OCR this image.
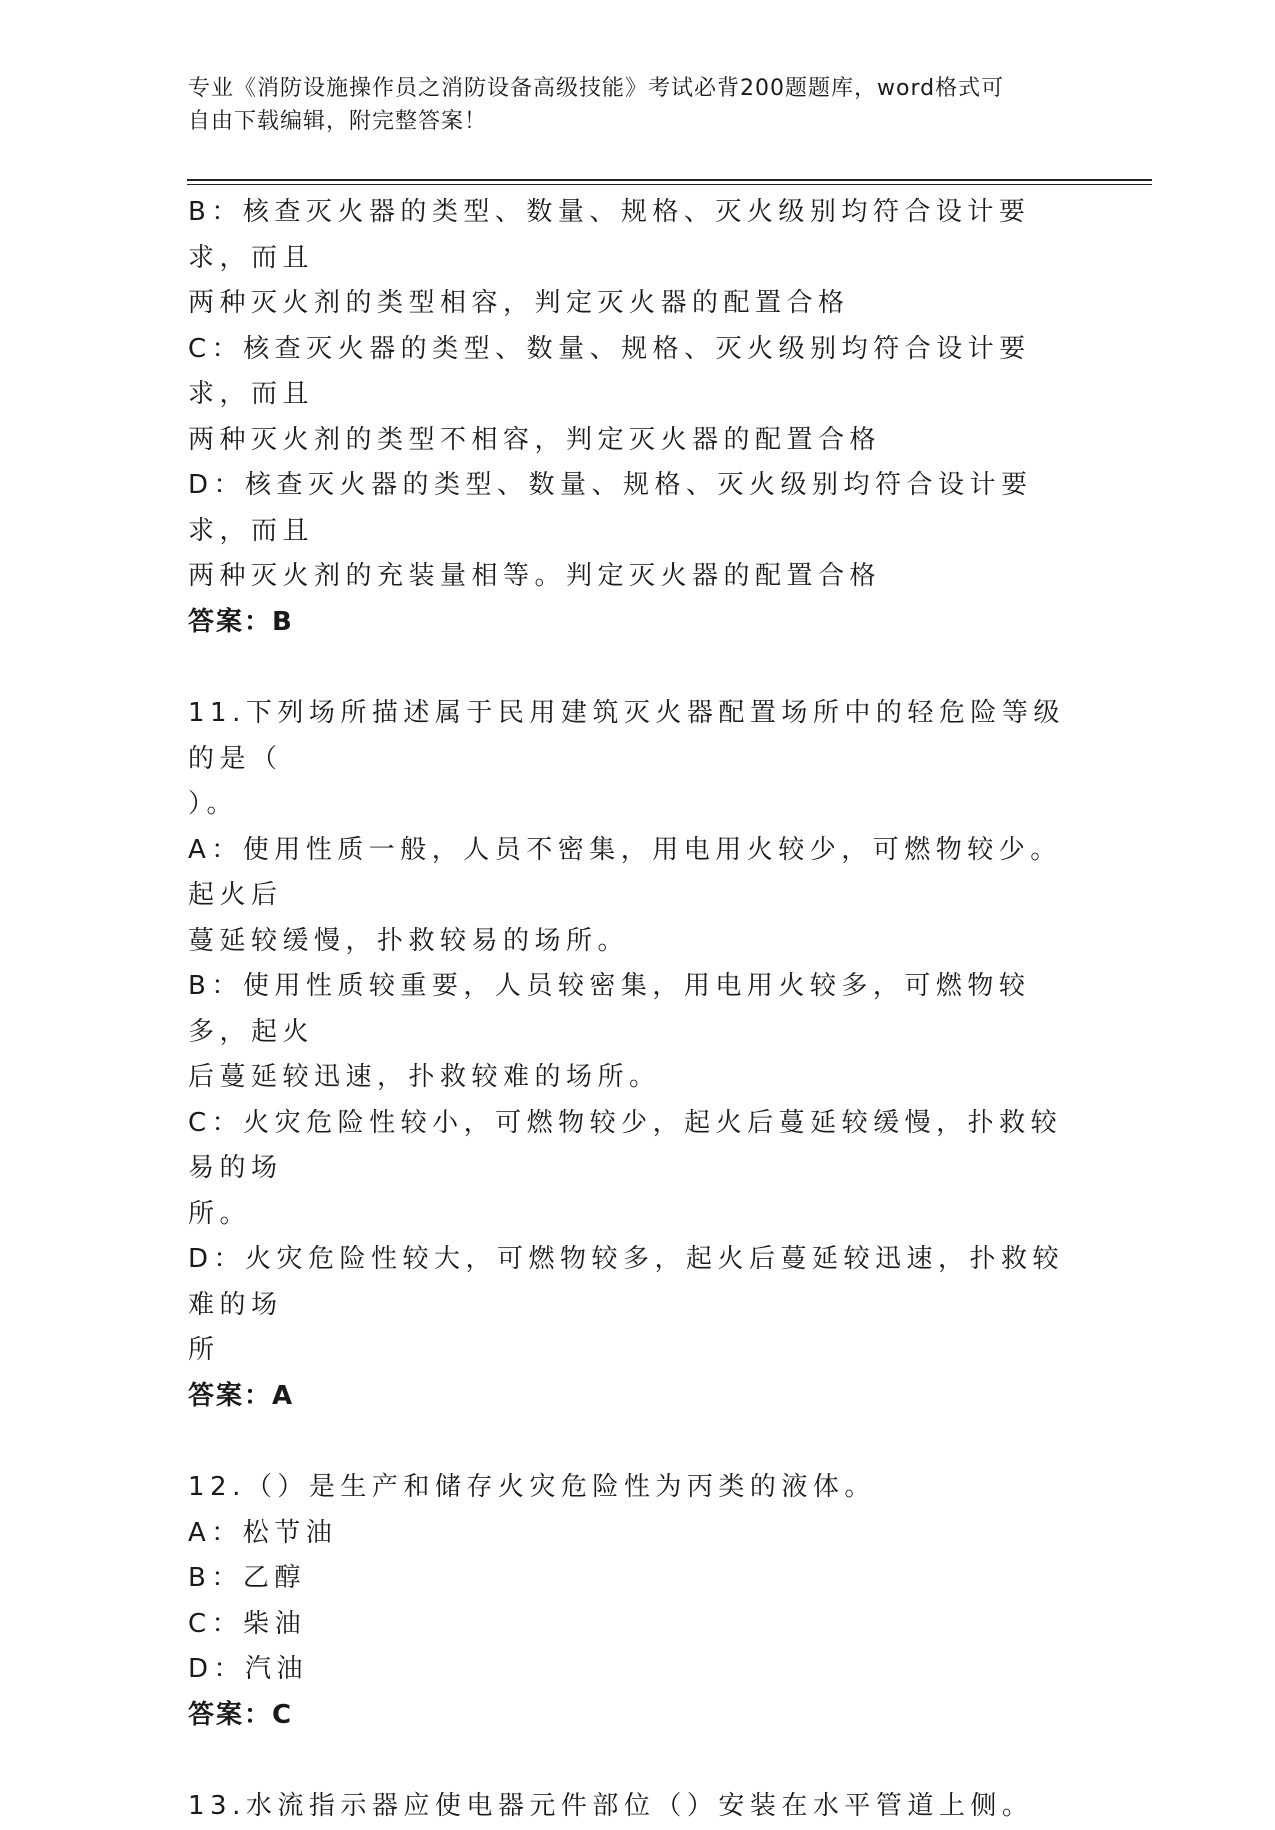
专业《消防设施操作员之消防设备高级技能》考试必背200题题库，word格式可
自由下载编辑，附完整答案！

B：核查灭火器的类型、数量、规格、灭火级别均符合设计要求，而且

两种灭火剂的类型相容，判定灭火器的配置合格

C：核查灭火器的类型、数量、规格、灭火级别均符合设计要求，而且

两种灭火剂的类型不相容，判定灭火器的配置合格

D：核查灭火器的类型、数量、规格、灭火级别均符合设计要求，而且

两种灭火剂的充装量相等。判定灭火器的配置合格

答案：B

11.下列场所描述属于民用建筑灭火器配置场所中的轻危险等级的是（

）。

A：使用性质一般，人员不密集，用电用火较少，可燃物较少。起火后

蔓延较缓慢，扑救较易的场所。

B：使用性质较重要，人员较密集，用电用火较多，可燃物较多，起火

后蔓延较迅速，扑救较难的场所。

C：火灾危险性较小，可燃物较少，起火后蔓延较缓慢，扑救较易的场

所。

D：火灾危险性较大，可燃物较多，起火后蔓延较迅速，扑救较难的场

所

答案：A

12.（）是生产和储存火灾危险性为丙类的液体。

A：松节油

B：乙醇

C：柴油

D：汽油

答案：C

13.水流指示器应使电器元件部位（）安装在水平管道上侧。
